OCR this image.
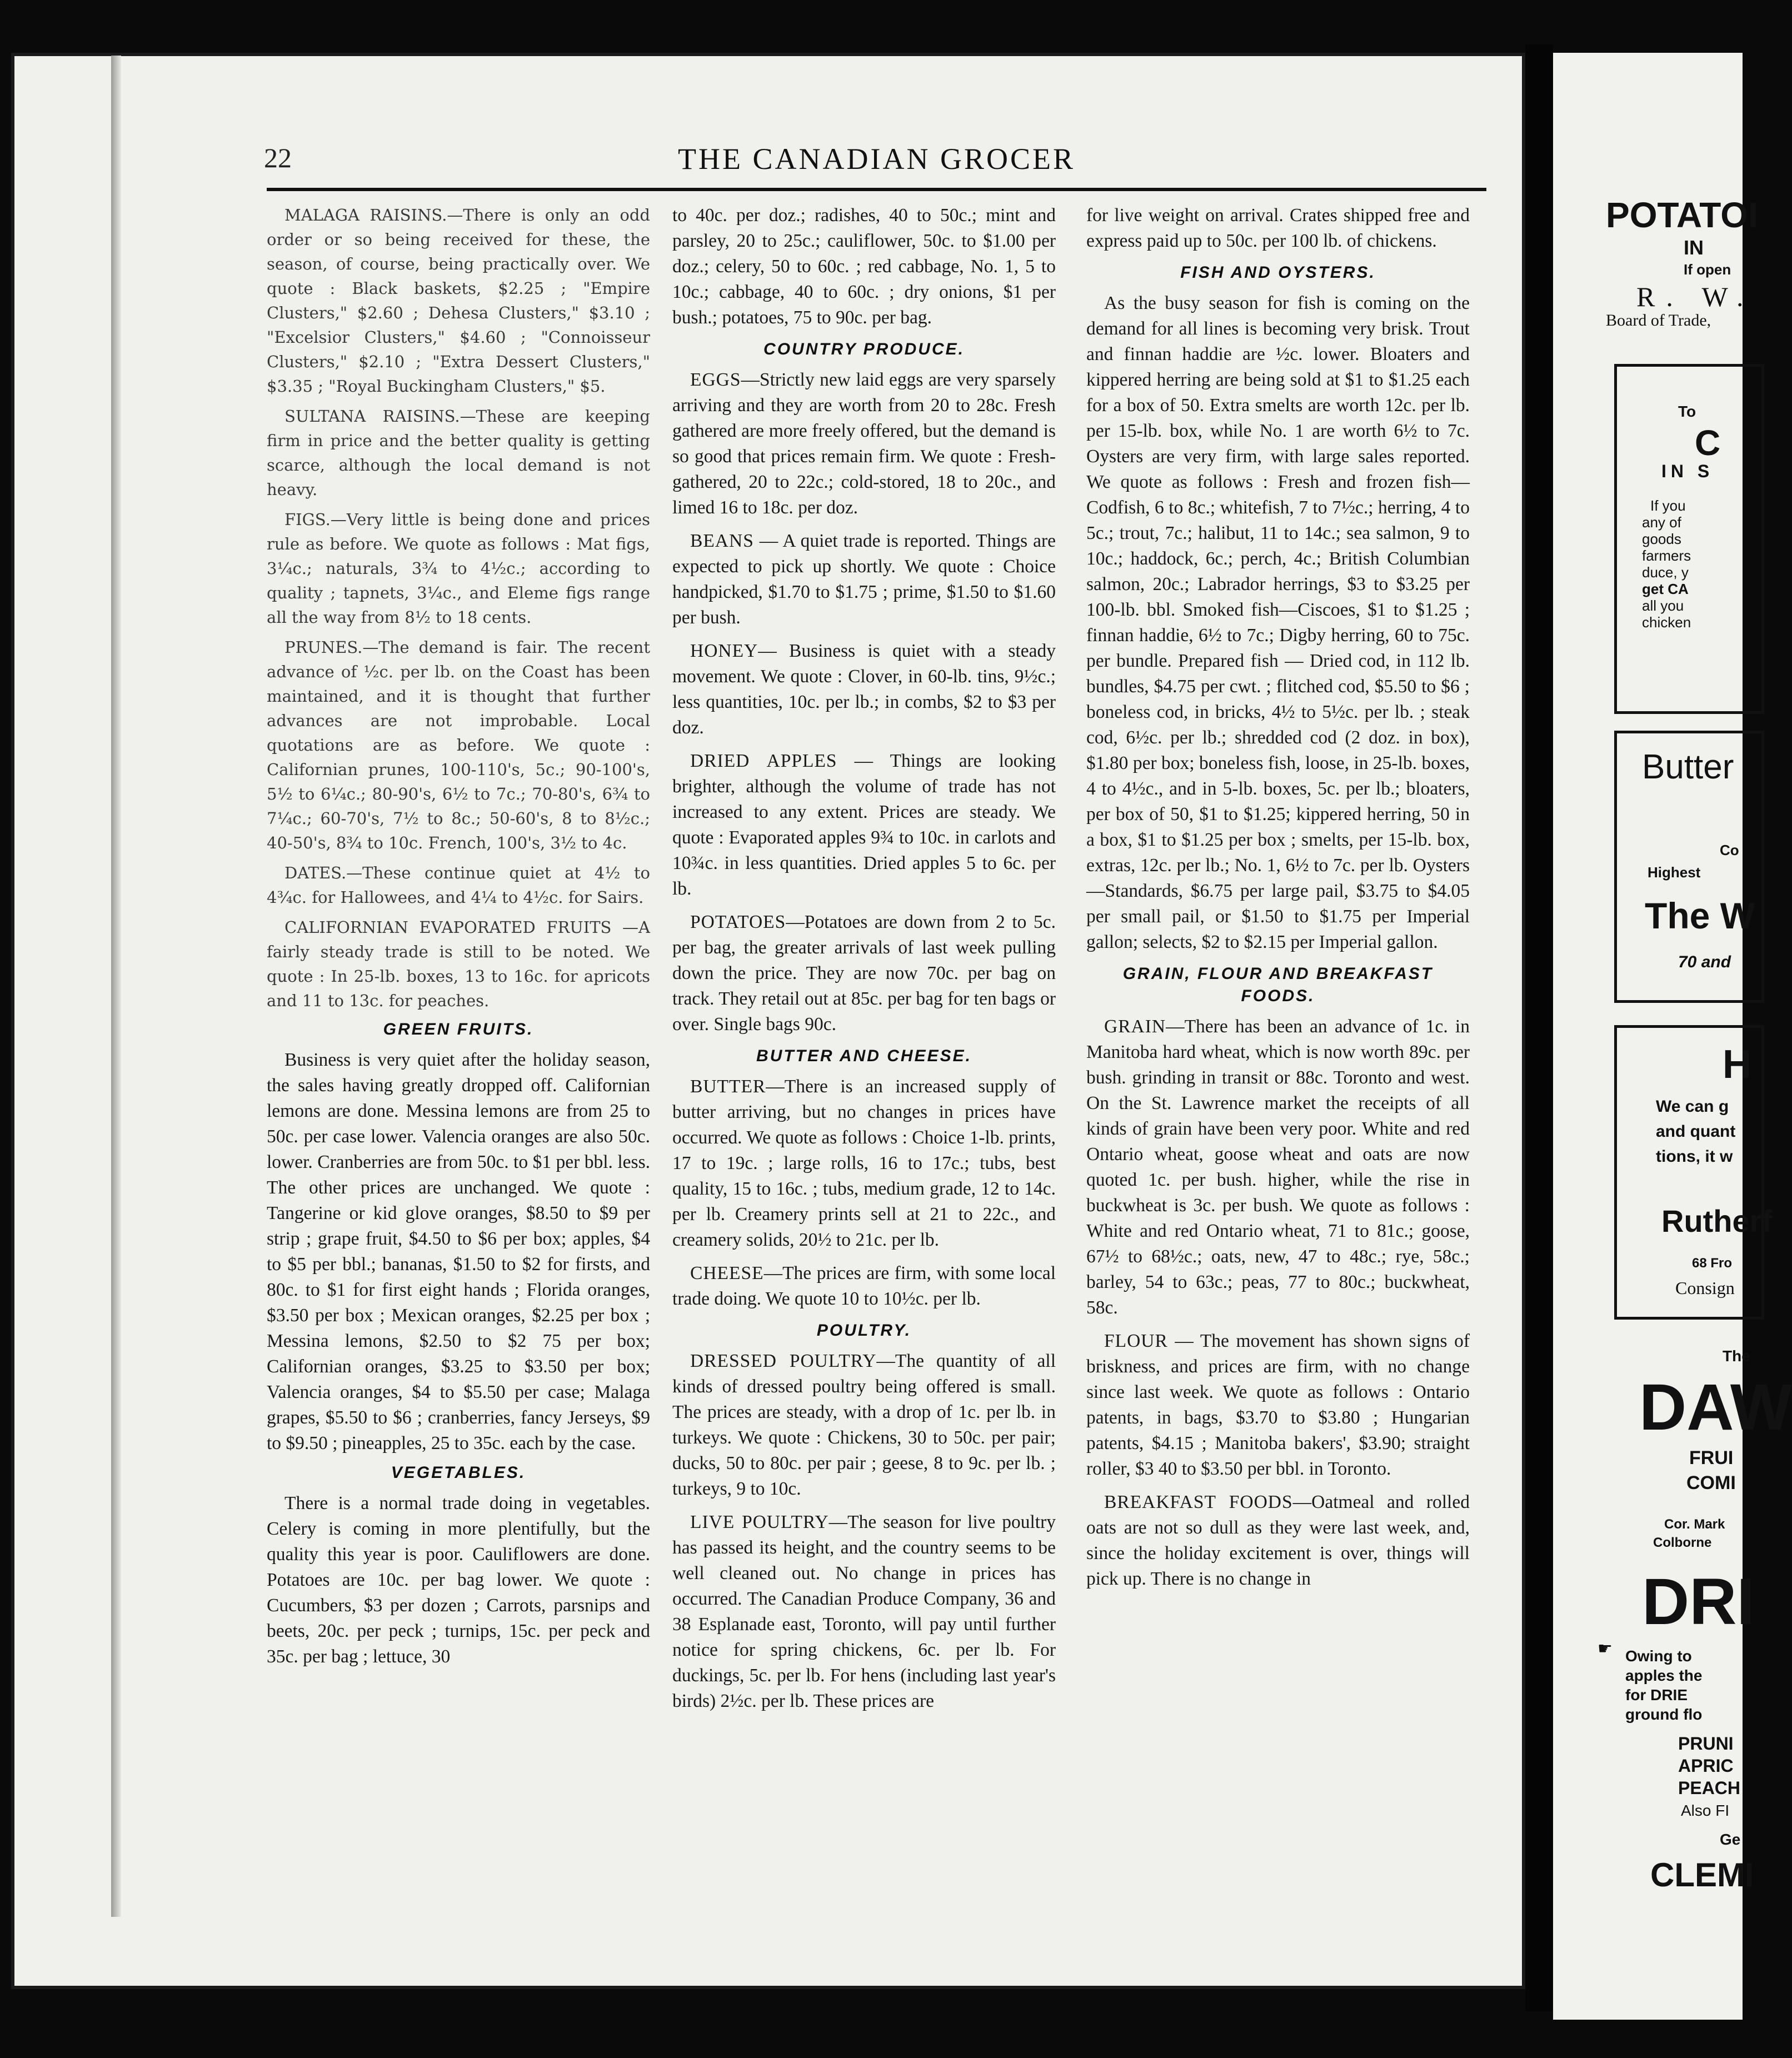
22	THE CANADIAN GROCER

MALAGA RAISINS.—There is only an odd order or so being received for these, the season, of course, being practically over. We quote : Black baskets, $2.25 ; "Empire Clusters," $2.60 ; Dehesa Clusters," $3.10 ; "Excelsior Clusters," $4.60 ; "Connoisseur Clusters," $2.10 ; "Extra Dessert Clusters," $3.35 ; "Royal Buckingham Clusters," $5.

SULTANA RAISINS.—These are keeping firm in price and the better quality is getting scarce, although the local demand is not heavy.

FIGS.—Very little is being done and prices rule as before. We quote as follows : Mat figs, 3¼c.; naturals, 3¾ to 4½c.; according to quality ; tapnets, 3¼c., and Eleme figs range all the way from 8½ to 18 cents.

PRUNES.—The demand is fair. The recent advance of ½c. per lb. on the Coast has been maintained, and it is thought that further advances are not improbable. Local quotations are as before. We quote : Californian prunes, 100-110's, 5c.; 90-100's, 5½ to 6¼c.; 80-90's, 6½ to 7c.; 70-80's, 6¾ to 7¼c.; 60-70's, 7½ to 8c.; 50-60's, 8 to 8½c.; 40-50's, 8¾ to 10c. French, 100's, 3½ to 4c.

DATES.—These continue quiet at 4½ to 4¾c. for Hallowees, and 4¼ to 4½c. for Sairs.

CALIFORNIAN EVAPORATED FRUITS —A fairly steady trade is still to be noted. We quote : In 25-lb. boxes, 13 to 16c. for apricots and 11 to 13c. for peaches.

GREEN FRUITS.

Business is very quiet after the holiday season, the sales having greatly dropped off. Californian lemons are done. Messina lemons are from 25 to 50c. per case lower. Valencia oranges are also 50c. lower. Cranberries are from 50c. to $1 per bbl. less. The other prices are unchanged. We quote : Tangerine or kid glove oranges, $8.50 to $9 per strip ; grape fruit, $4.50 to $6 per box; apples, $4 to $5 per bbl.; bananas, $1.50 to $2 for firsts, and 80c. to $1 for first eight hands ; Florida oranges, $3.50 per box ; Mexican oranges, $2.25 per box ; Messina lemons, $2.50 to $2 75 per box; Californian oranges, $3.25 to $3.50 per box; Valencia oranges, $4 to $5.50 per case; Malaga grapes, $5.50 to $6 ; cranberries, fancy Jerseys, $9 to $9.50 ; pineapples, 25 to 35c. each by the case.

VEGETABLES.

There is a normal trade doing in vegetables. Celery is coming in more plentifully, but the quality this year is poor. Cauliflowers are done. Potatoes are 10c. per bag lower. We quote : Cucumbers, $3 per dozen ; Carrots, parsnips and beets, 20c. per peck ; turnips, 15c. per peck and 35c. per bag ; lettuce, 30

to 40c. per doz.; radishes, 40 to 50c.; mint and parsley, 20 to 25c.; cauliflower, 50c. to $1.00 per doz.; celery, 50 to 60c. ; red cabbage, No. 1, 5 to 10c.; cabbage, 40 to 60c. ; dry onions, $1 per bush.; potatoes, 75 to 90c. per bag.

COUNTRY PRODUCE.

EGGS—Strictly new laid eggs are very sparsely arriving and they are worth from 20 to 28c. Fresh gathered are more freely offered, but the demand is so good that prices remain firm. We quote : Fresh-gathered, 20 to 22c.; cold-stored, 18 to 20c., and limed 16 to 18c. per doz.

BEANS — A quiet trade is reported. Things are expected to pick up shortly. We quote : Choice handpicked, $1.70 to $1.75 ; prime, $1.50 to $1.60 per bush.

HONEY— Business is quiet with a steady movement. We quote : Clover, in 60-lb. tins, 9½c.; less quantities, 10c. per lb.; in combs, $2 to $3 per doz.

DRIED APPLES — Things are looking brighter, although the volume of trade has not increased to any extent. Prices are steady. We quote : Evaporated apples 9¾ to 10c. in carlots and 10¾c. in less quantities. Dried apples 5 to 6c. per lb.

POTATOES—Potatoes are down from 2 to 5c. per bag, the greater arrivals of last week pulling down the price. They are now 70c. per bag on track. They retail out at 85c. per bag for ten bags or over. Single bags 90c.

BUTTER AND CHEESE.

BUTTER—There is an increased supply of butter arriving, but no changes in prices have occurred. We quote as follows : Choice 1-lb. prints, 17 to 19c. ; large rolls, 16 to 17c.; tubs, best quality, 15 to 16c. ; tubs, medium grade, 12 to 14c. per lb. Creamery prints sell at 21 to 22c., and creamery solids, 20½ to 21c. per lb.

CHEESE—The prices are firm, with some local trade doing. We quote 10 to 10½c. per lb.

POULTRY.

DRESSED POULTRY—The quantity of all kinds of dressed poultry being offered is small. The prices are steady, with a drop of 1c. per lb. in turkeys. We quote : Chickens, 30 to 50c. per pair; ducks, 50 to 80c. per pair ; geese, 8 to 9c. per lb. ; turkeys, 9 to 10c.

LIVE POULTRY—The season for live poultry has passed its height, and the country seems to be well cleaned out. No change in prices has occurred. The Canadian Produce Company, 36 and 38 Esplanade east, Toronto, will pay until further notice for spring chickens, 6c. per lb. For duckings, 5c. per lb. For hens (including last year's birds) 2½c. per lb. These prices are

for live weight on arrival. Crates shipped free and express paid up to 50c. per 100 lb. of chickens.

FISH AND OYSTERS.

As the busy season for fish is coming on the demand for all lines is becoming very brisk. Trout and finnan haddie are ½c. lower. Bloaters and kippered herring are being sold at $1 to $1.25 each for a box of 50. Extra smelts are worth 12c. per lb. per 15-lb. box, while No. 1 are worth 6½ to 7c. Oysters are very firm, with large sales reported. We quote as follows : Fresh and frozen fish—Codfish, 6 to 8c.; whitefish, 7 to 7½c.; herring, 4 to 5c.; trout, 7c.; halibut, 11 to 14c.; sea salmon, 9 to 10c.; haddock, 6c.; perch, 4c.; British Columbian salmon, 20c.; Labrador herrings, $3 to $3.25 per 100-lb. bbl. Smoked fish—Ciscoes, $1 to $1.25 ; finnan haddie, 6½ to 7c.; Digby herring, 60 to 75c. per bundle. Prepared fish — Dried cod, in 112 lb. bundles, $4.75 per cwt. ; flitched cod, $5.50 to $6 ; boneless cod, in bricks, 4½ to 5½c. per lb. ; steak cod, 6½c. per lb.; shredded cod (2 doz. in box), $1.80 per box; boneless fish, loose, in 25-lb. boxes, 4 to 4½c., and in 5-lb. boxes, 5c. per lb.; bloaters, per box of 50, $1 to $1.25; kippered herring, 50 in a box, $1 to $1.25 per box ; smelts, per 15-lb. box, extras, 12c. per lb.; No. 1, 6½ to 7c. per lb. Oysters—Standards, $6.75 per large pail, $3.75 to $4.05 per small pail, or $1.50 to $1.75 per Imperial gallon; selects, $2 to $2.15 per Imperial gallon.

GRAIN, FLOUR AND BREAKFAST FOODS.

GRAIN—There has been an advance of 1c. in Manitoba hard wheat, which is now worth 89c. per bush. grinding in transit or 88c. Toronto and west. On the St. Lawrence market the receipts of all kinds of grain have been very poor. White and red Ontario wheat, goose wheat and oats are now quoted 1c. per bush. higher, while the rise in buckwheat is 3c. per bush. We quote as follows : White and red Ontario wheat, 71 to 81c.; goose, 67½ to 68½c.; oats, new, 47 to 48c.; rye, 58c.; barley, 54 to 63c.; peas, 77 to 80c.; buckwheat, 58c.

FLOUR — The movement has shown signs of briskness, and prices are firm, with no change since last week. We quote as follows : Ontario patents, in bags, $3.70 to $3.80 ; Hungarian patents, $4.15 ; Manitoba bakers', $3.90; straight roller, $3 40 to $3.50 per bbl. in Toronto.

BREAKFAST FOODS—Oatmeal and rolled oats are not so dull as they were last week, and, since the holiday excitement is over, things will pick up. There is no change in

POTATOI
IN
If open
R. W.
Board of Trade,
To
C
IN S
If you
any of
goods
farmers
duce, y
get CA
all you
chicken
Butter
Co
Highest
The W
70 and
H
We can g
and quant
tions, it w
Rutherf
68 Fro
Consign
The
DAW
FRUI
COMI
Cor. Mark
Colborne
DRI
☛ Owing to
apples the
for DRIE
ground flo
PRUNI
APRIC
PEACH
Also FI
Ge
CLEMI
